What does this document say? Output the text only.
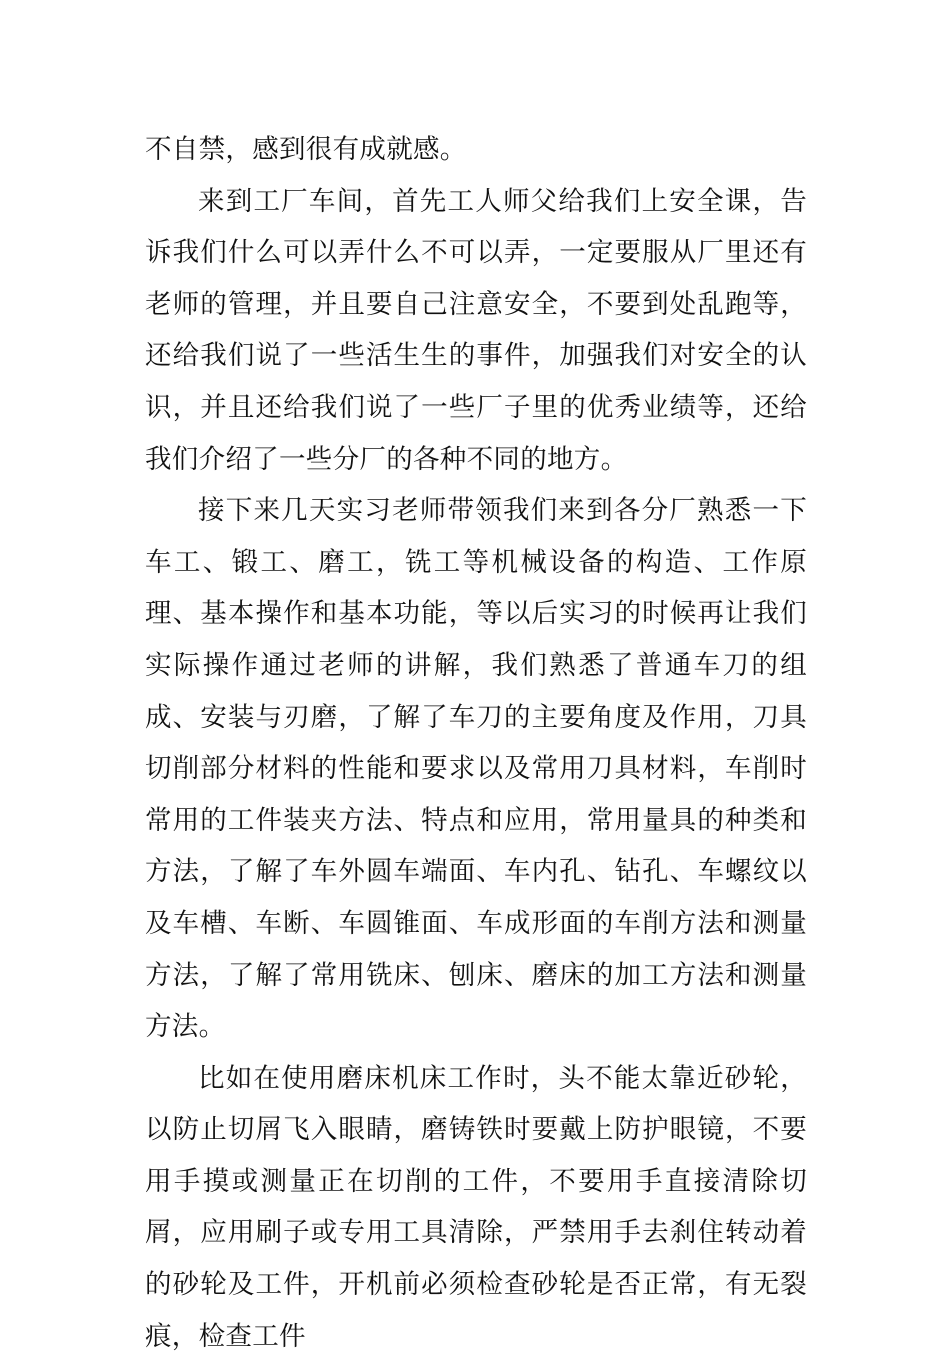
不自禁，感到很有成就感。

来到工厂车间，首先工人师父给我们上安全课，告诉我们什么可以弄什么不可以弄，一定要服从厂里还有老师的管理，并且要自己注意安全，不要到处乱跑等，还给我们说了一些活生生的事件，加强我们对安全的认识，并且还给我们说了一些厂子里的优秀业绩等，还给我们介绍了一些分厂的各种不同的地方。

接下来几天实习老师带领我们来到各分厂熟悉一下车工、锻工、磨工，铣工等机械设备的构造、工作原理、基本操作和基本功能，等以后实习的时候再让我们实际操作通过老师的讲解，我们熟悉了普通车刀的组成、安装与刃磨，了解了车刀的主要角度及作用，刀具切削部分材料的性能和要求以及常用刀具材料，车削时常用的工件装夹方法、特点和应用，常用量具的种类和方法，了解了车外圆车端面、车内孔、钻孔、车螺纹以及车槽、车断、车圆锥面、车成形面的车削方法和测量方法，了解了常用铣床、刨床、磨床的加工方法和测量方法。

比如在使用磨床机床工作时，头不能太靠近砂轮，以防止切屑飞入眼睛，磨铸铁时要戴上防护眼镜，不要用手摸或测量正在切削的工件，不要用手直接清除切屑，应用刷子或专用工具清除，严禁用手去刹住转动着的砂轮及工件，开机前必须检查砂轮是否正常，有无裂痕，检查工件
